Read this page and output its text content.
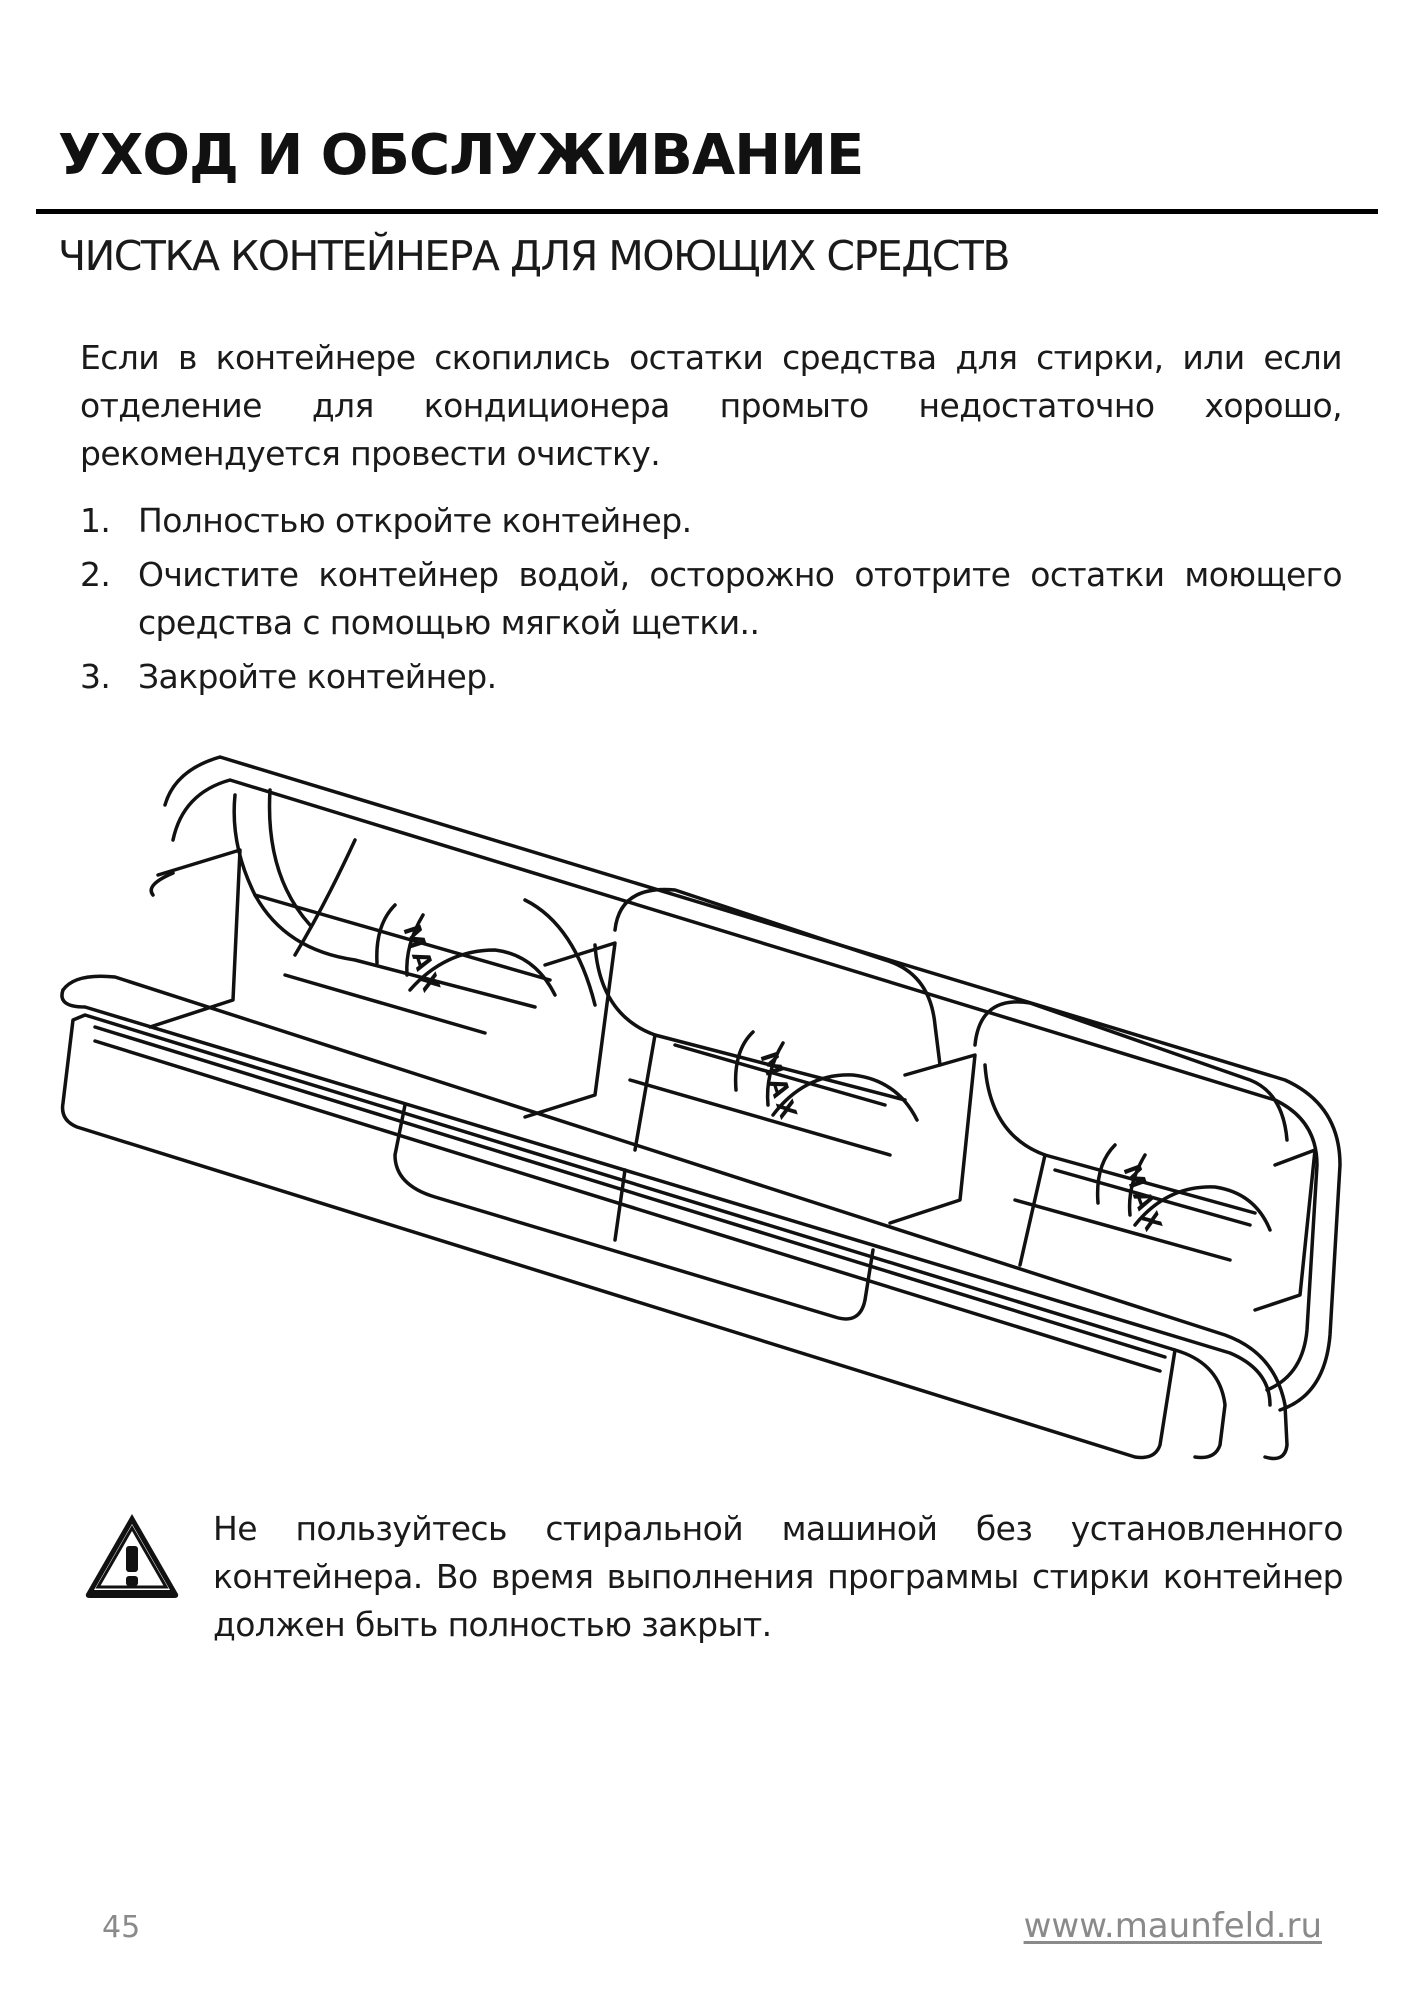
УХОД И ОБСЛУЖИВАНИЕ
ЧИСТКА КОНТЕЙНЕРА ДЛЯ МОЮЩИХ СРЕДСТВ

Если в контейнере скопились остатки средства для стирки, или если отделение для кондиционера промыто недостаточно хорошо, рекомендуется провести очистку.

1. Полностью откройте контейнер.
2. Очистите контейнер водой, осторожно ототрите остатки моющего средства с помощью мягкой щетки..
3. Закройте контейнер.
MAX
MAX
MAX

Не пользуйтесь стиральной машиной без установленного контейнера. Во время выполнения программы стирки контейнер должен быть полностью закрыт.

45	www.maunfeld.ru
